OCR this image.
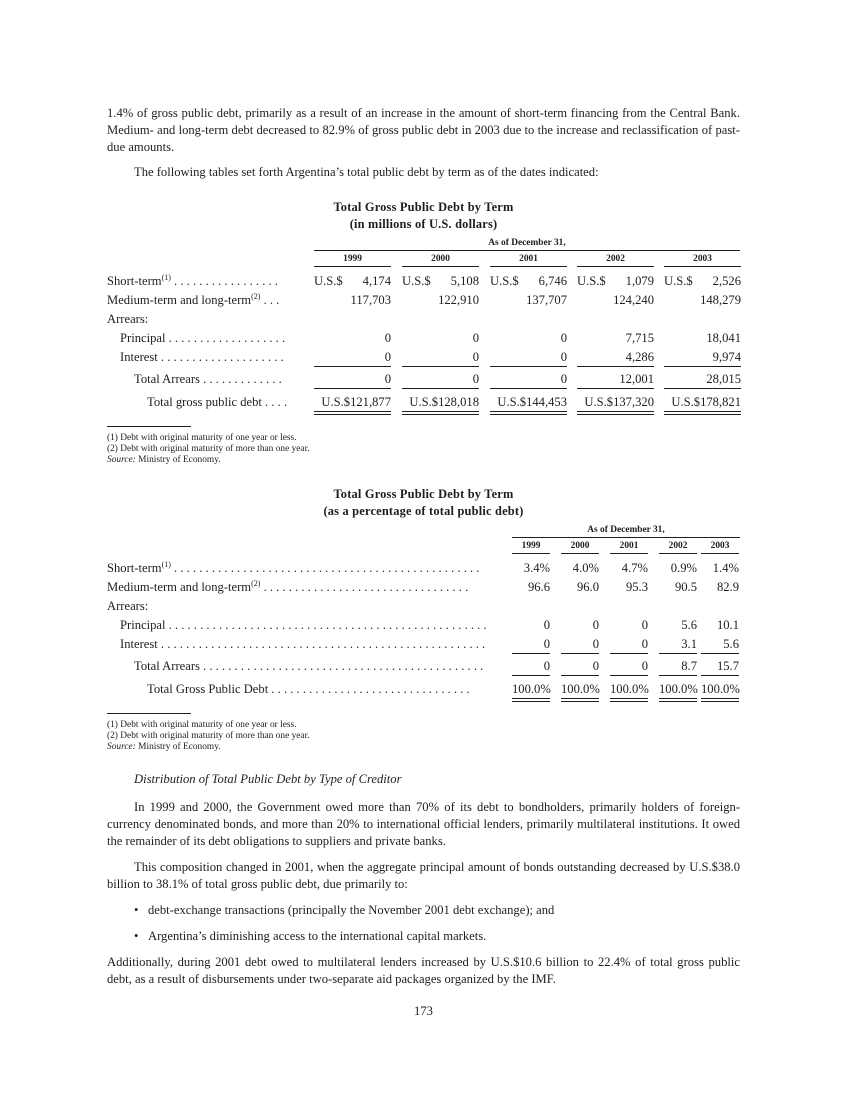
1.4% of gross public debt, primarily as a result of an increase in the amount of short-term financing from the Central Bank. Medium- and long-term debt decreased to 82.9% of gross public debt in 2003 due to the increase and reclassification of past-due amounts.

The following tables set forth Argentina’s total public debt by term as of the dates indicated:

Total Gross Public Debt by Term
(in millions of U.S. dollars)
As of December 31,
1999	2000	2001	2002	2003
Short-term$^{(1)}$ . . . . . . . . . . . . . . . . .	U.S.$ 4,174 U.S.$ 5,108 U.S.$ 6,746 U.S.$ 1,079 U.S.$ 2,526
Medium-term and long-term$^{(2)}$ . . .	117,703	122,910	137,707	124,240	148,279
Arrears:
Principal . . . . . . . . . . . . . . . . . . .	0	0	0	7,715	18,041
Interest . . . . . . . . . . . . . . . . . . . .	0	0	0	4,286	9,974
Total Arrears . . . . . . . . . . . . .	0	0	0	12,001	28,015
Total gross public debt . . . .	U.S.$121,877	U.S.$128,018	U.S.$144,453	U.S.$137,320	U.S.$178,821
(1) Debt with original maturity of one year or less.
(2) Debt with original maturity of more than one year.
Source: Ministry of Economy.
Total Gross Public Debt by Term
(as a percentage of total public debt)
As of December 31,
1999	2000	2001	2002	2003
Short-term$^{(1)}$ . . . . . . . . . . . . . . . . . . . . . . . . . . . . . . . . . . . . . . . . . . . . . . . . .	3.4%	4.0%	4.7%	0.9%	1.4%
Medium-term and long-term$^{(2)}$ . . . . . . . . . . . . . . . . . . . . . . . . . . . . . . . . .	96.6	96.0	95.3	90.5	82.9
Arrears:
Principal . . . . . . . . . . . . . . . . . . . . . . . . . . . . . . . . . . . . . . . . . . . . . . . . . . .	0	0	0	5.6	10.1
Interest . . . . . . . . . . . . . . . . . . . . . . . . . . . . . . . . . . . . . . . . . . . . . . . . . . . .	0	0	0	3.1	5.6
Total Arrears . . . . . . . . . . . . . . . . . . . . . . . . . . . . . . . . . . . . . . . . . . . . .	0	0	0	8.7	15.7
Total Gross Public Debt . . . . . . . . . . . . . . . . . . . . . . . . . . . . . . . .	100.0% 100.0% 100.0% 100.0% 100.0%
(1) Debt with original maturity of one year or less.
(2) Debt with original maturity of more than one year.
Source: Ministry of Economy.
Distribution of Total Public Debt by Type of Creditor

In 1999 and 2000, the Government owed more than 70% of its debt to bondholders, primarily holders of foreign-currency denominated bonds, and more than 20% to international official lenders, primarily multilateral institutions. It owed the remainder of its debt obligations to suppliers and private banks.

This composition changed in 2001, when the aggregate principal amount of bonds outstanding decreased by U.S.$38.0 billion to 38.1% of total gross public debt, due primarily to:

• debt-exchange transactions (principally the November 2001 debt exchange); and
• Argentina’s diminishing access to the international capital markets.

Additionally, during 2001 debt owed to multilateral lenders increased by U.S.$10.6 billion to 22.4% of total gross public debt, as a result of disbursements under two-separate aid packages organized by the IMF.

173
